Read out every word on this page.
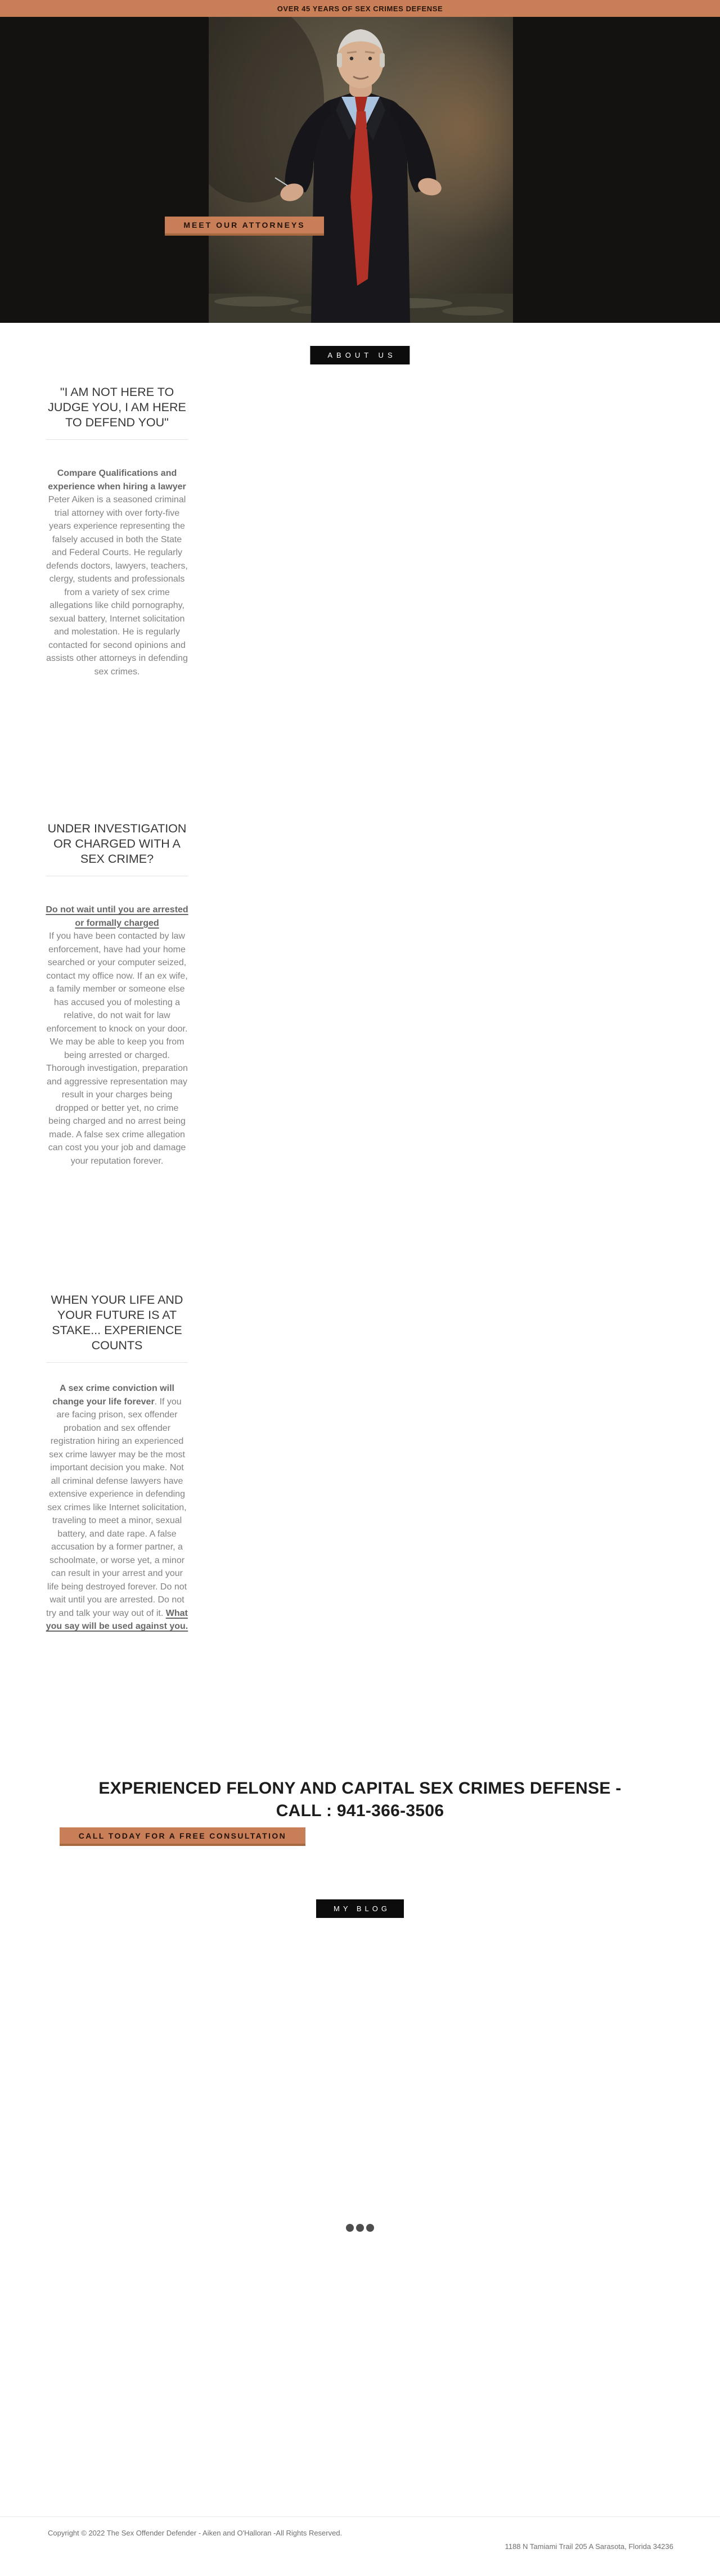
OVER 45 YEARS OF SEX CRIMES DEFENSE
MEET OUR ATTORNEYS
ABOUT US
"I AM NOT HERE TO JUDGE YOU, I AM HERE TO DEFEND YOU"

Compare Qualifications and experience when hiring a lawyer Peter Aiken is a seasoned criminal trial attorney with over forty-five years experience representing the falsely accused in both the State and Federal Courts. He regularly defends doctors, lawyers, teachers, clergy, students and professionals from a variety of sex crime allegations like child pornography, sexual battery, Internet solicitation and molestation. He is regularly contacted for second opinions and assists other attorneys in defending sex crimes.

UNDER INVESTIGATION OR CHARGED WITH A SEX CRIME?

Do not wait until you are arrested or formally charged
If you have been contacted by law enforcement, have had your home searched or your computer seized, contact my office now. If an ex wife, a family member or someone else has accused you of molesting a relative, do not wait for law enforcement to knock on your door. We may be able to keep you from being arrested or charged. Thorough investigation, preparation and aggressive representation may result in your charges being dropped or better yet, no crime being charged and no arrest being made. A false sex crime allegation can cost you your job and damage your reputation forever.

WHEN YOUR LIFE AND YOUR FUTURE IS AT STAKE... EXPERIENCE COUNTS

A sex crime conviction will change your life forever. If you are facing prison, sex offender probation and sex offender registration hiring an experienced sex crime lawyer may be the most important decision you make. Not all criminal defense lawyers have extensive experience in defending sex crimes like Internet solicitation, traveling to meet a minor, sexual battery, and date rape. A false accusation by a former partner, a schoolmate, or worse yet, a minor can result in your arrest and your life being destroyed forever. Do not wait until you are arrested. Do not try and talk your way out of it. What you say will be used against you.

EXPERIENCED FELONY AND CAPITAL SEX CRIMES DEFENSE - CALL : 941-366-3506
CALL TODAY FOR A FREE CONSULTATION
MY BLOG
Copyright © 2022 The Sex Offender Defender - Aiken and O'Halloran -All Rights Reserved.
1188 N Tamiami Trail 205 A Sarasota, Florida 34236
